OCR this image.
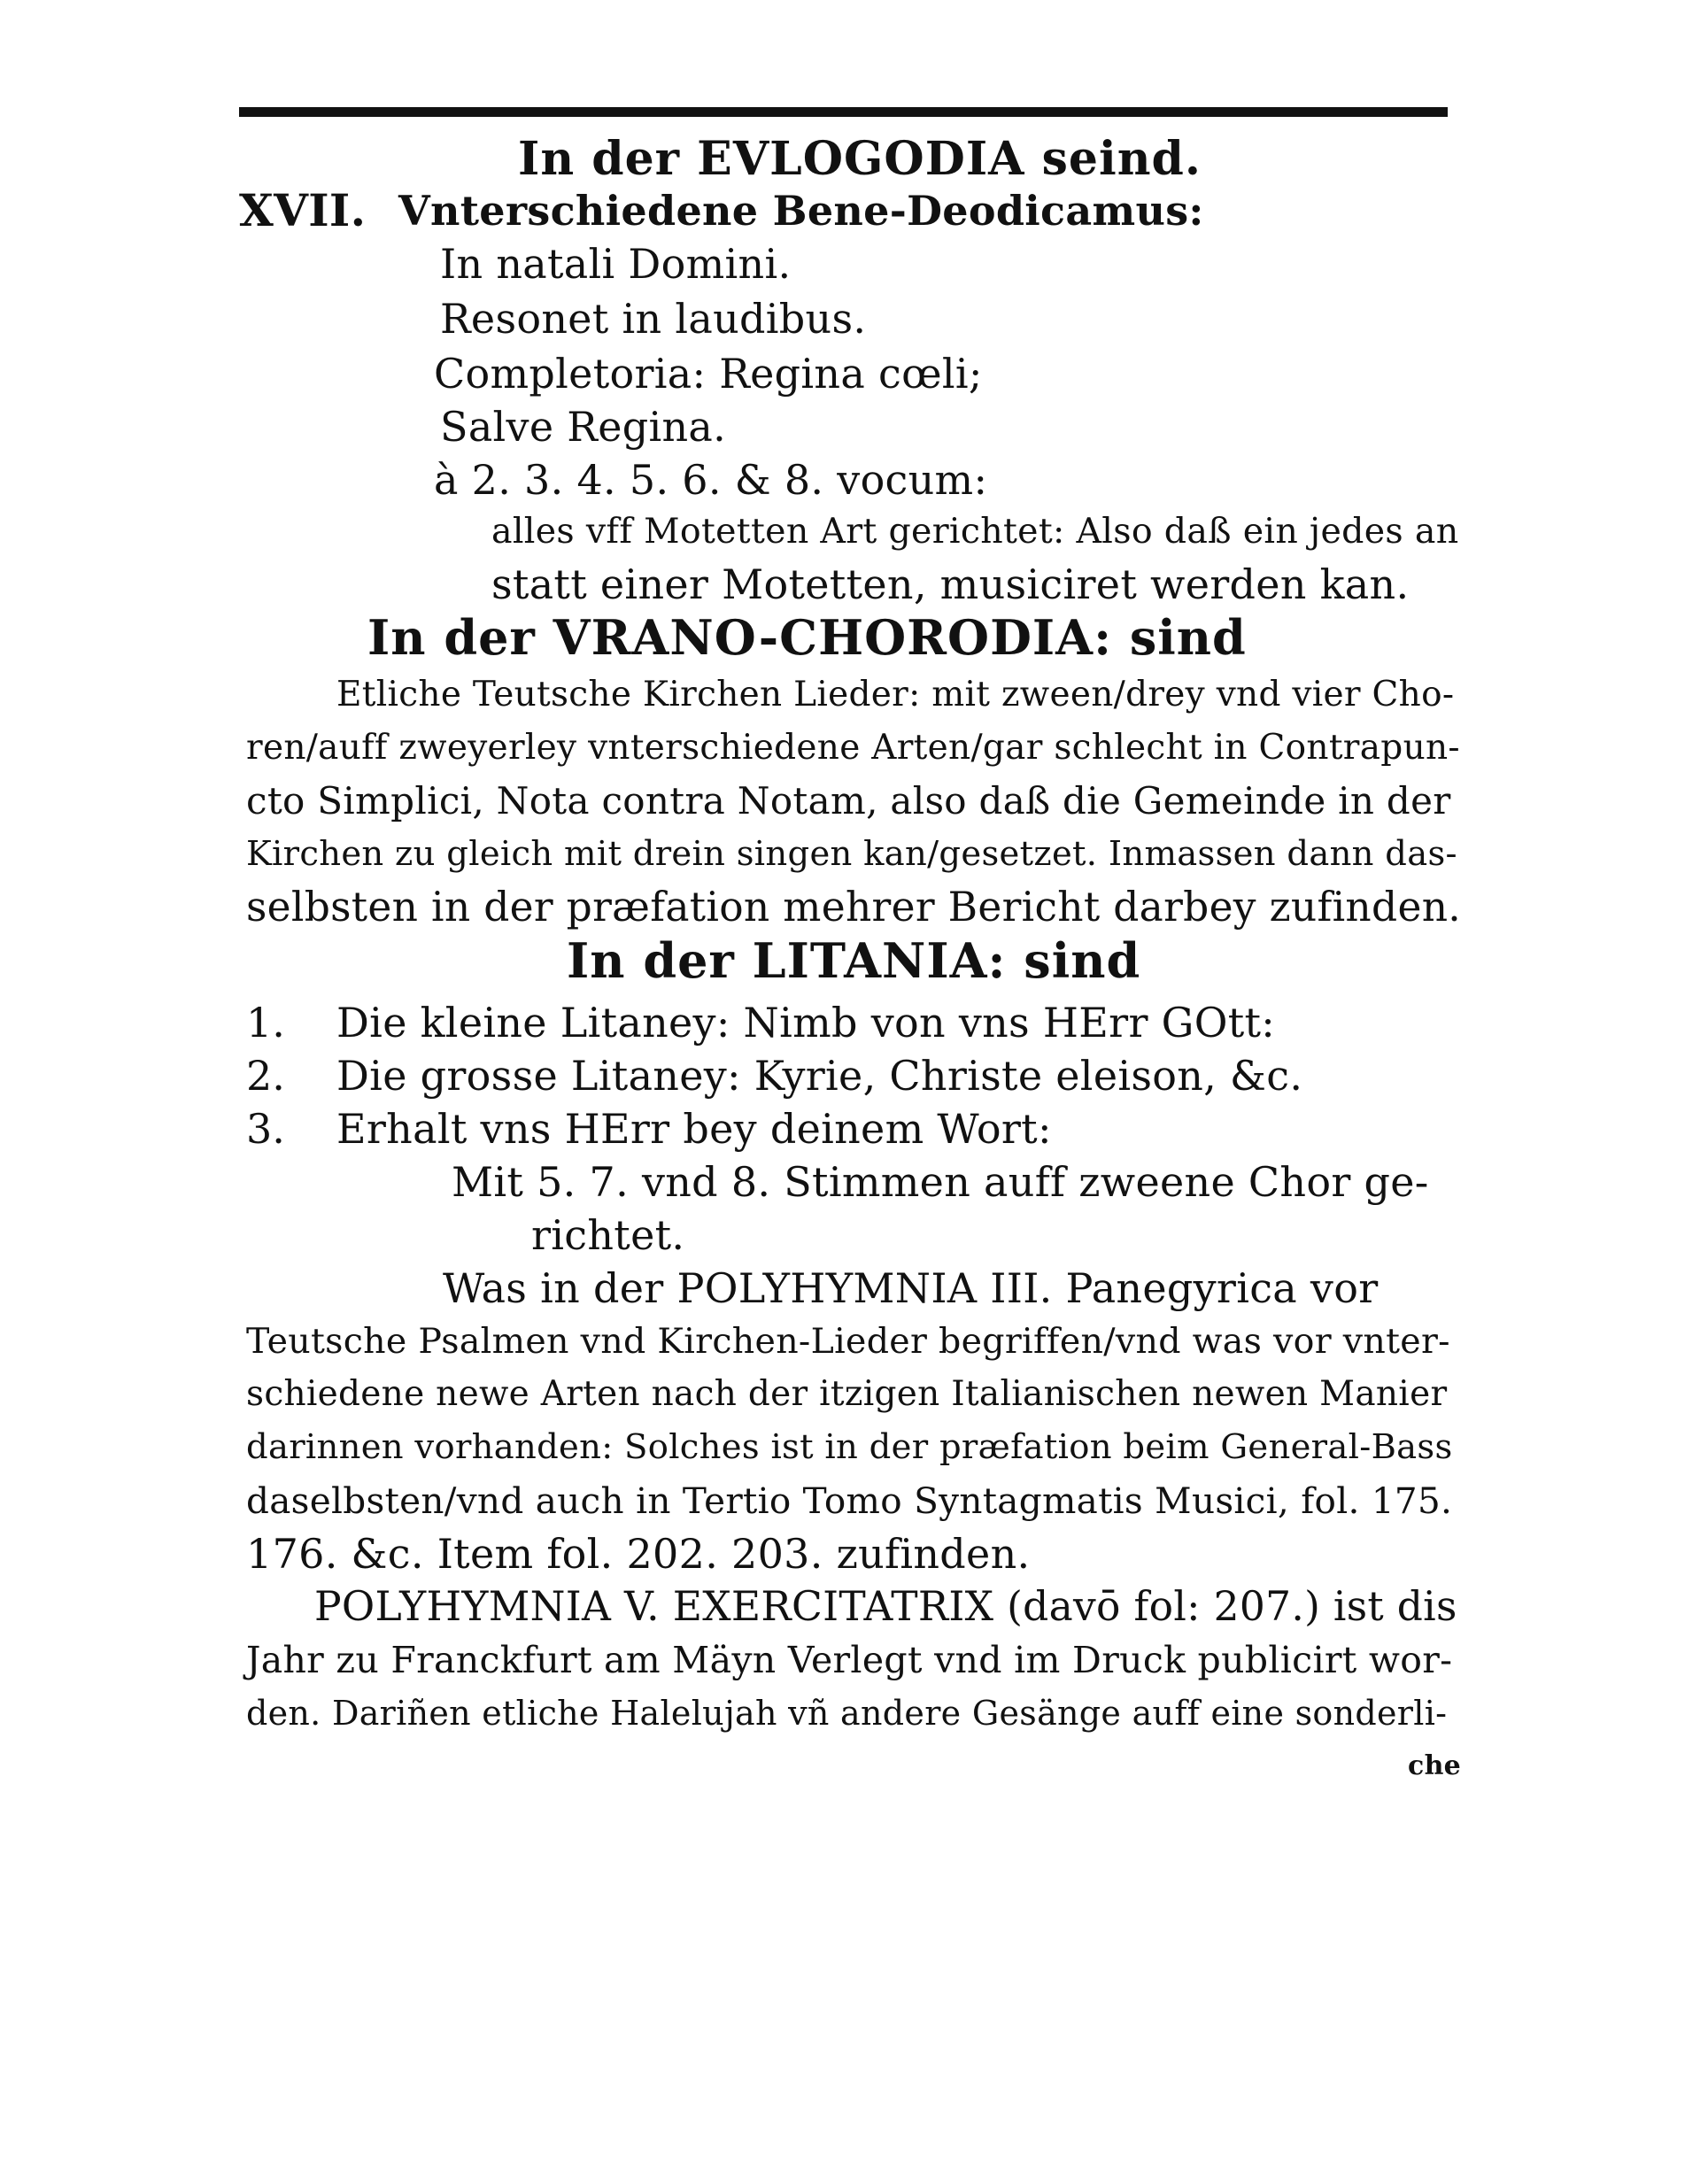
In der EVLOGODIA seind.
XVII. Vnterschiedene Bene-Deodicamus:
In natali Domini.
Resonet in laudibus.
Completoria: Regina cœli;
Salve Regina.
à 2. 3. 4. 5. 6. & 8. vocum:
alles vff Motetten Art gerichtet: Also daß ein jedes an
statt einer Motetten, musiciret werden kan.
In der VRANO-CHORODIA: sind
Etliche Teutsche Kirchen Lieder: mit zween/drey vnd vier Cho-
ren/auff zweyerley vnterschiedene Arten/gar schlecht in Contrapun-
cto Simplici, Nota contra Notam, also daß die Gemeinde in der
Kirchen zu gleich mit drein singen kan/gesetzet. Inmassen dann das-
selbsten in der præfation mehrer Bericht darbey zufinden.
In der LITANIA: sind
1. Die kleine Litaney: Nimb von vns HErr GOtt:
2. Die grosse Litaney: Kyrie, Christe eleison, &c.
3. Erhalt vns HErr bey deinem Wort:
Mit 5. 7. vnd 8. Stimmen auff zweene Chor ge-
richtet.
Was in der POLYHYMNIA III. Panegyrica vor
Teutsche Psalmen vnd Kirchen-Lieder begriffen/vnd was vor vnter-
schiedene newe Arten nach der itzigen Italianischen newen Manier
darinnen vorhanden: Solches ist in der præfation beim General-Bass
daselbsten/vnd auch in Tertio Tomo Syntagmatis Musici, fol. 175.
176. &c. Item fol. 202. 203. zufinden.
POLYHYMNIA V. EXERCITATRIX (davō fol: 207.) ist dis
Jahr zu Franckfurt am Mäyn Verlegt vnd im Druck publicirt wor-
den. Dariñen etliche Halelujah vñ andere Gesänge auff eine sonderli-
che
